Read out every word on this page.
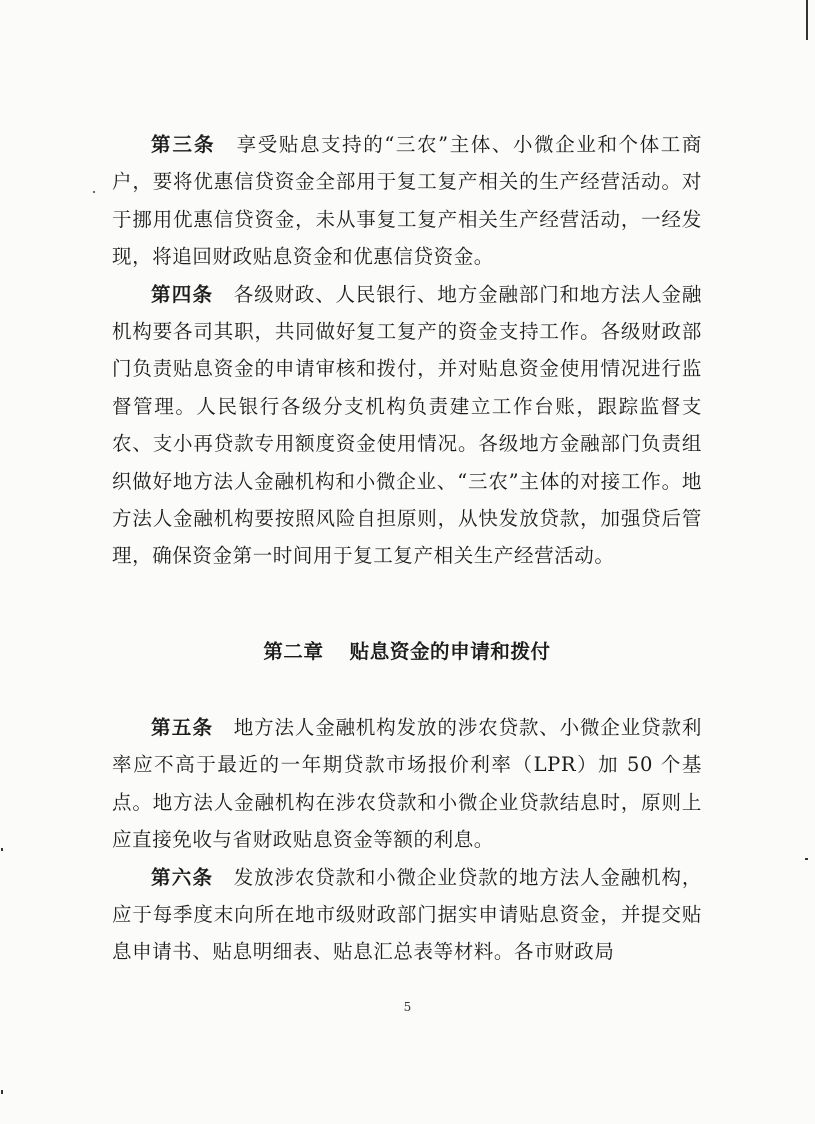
第三条　 享受贴息支持的“三农”主体、小微企业和个体工商户，要将优惠信贷资金全部用于复工复产相关的生产经营活动。对于挪用优惠信贷资金，未从事复工复产相关生产经营活动，一经发现，将追回财政贴息资金和优惠信贷资金。

第四条　 各级财政、人民银行、地方金融部门和地方法人金融机构要各司其职，共同做好复工复产的资金支持工作。各级财政部门负责贴息资金的申请审核和拨付，并对贴息资金使用情况进行监督管理。人民银行各级分支机构负责建立工作台账，跟踪监督支农、支小再贷款专用额度资金使用情况。各级地方金融部门负责组织做好地方法人金融机构和小微企业、“三农”主体的对接工作。地方法人金融机构要按照风险自担原则，从快发放贷款，加强贷后管理，确保资金第一时间用于复工复产相关生产经营活动。

第二章 贴息资金的申请和拨付

第五条　 地方法人金融机构发放的涉农贷款、小微企业贷款利率应不高于最近的一年期贷款市场报价利率（LPR）加 50 个基点。地方法人金融机构在涉农贷款和小微企业贷款结息时，原则上应直接免收与省财政贴息资金等额的利息。

第六条　 发放涉农贷款和小微企业贷款的地方法人金融机构，应于每季度末向所在地市级财政部门据实申请贴息资金，并提交贴息申请书、贴息明细表、贴息汇总表等材料。各市财政局

5
